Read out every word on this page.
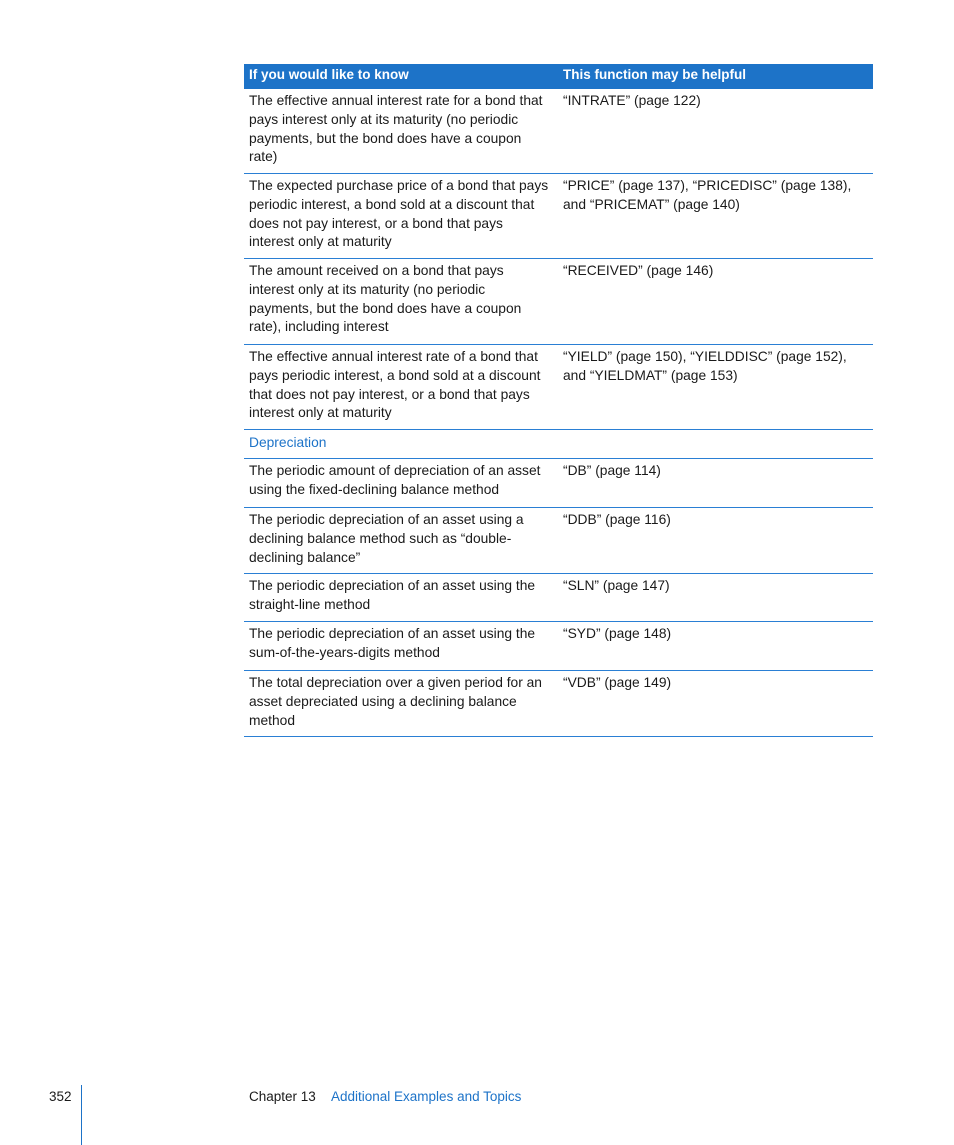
If you would like to know	This function may be helpful
The effective annual interest rate for a bond that pays interest only at its maturity (no periodic payments, but the bond does have a coupon rate)
“INTRATE” (page 122)
The expected purchase price of a bond that pays periodic interest, a bond sold at a discount that does not pay interest, or a bond that pays interest only at maturity
“PRICE” (page 137), “PRICEDISC” (page 138), and “PRICEMAT” (page 140)
The amount received on a bond that pays interest only at its maturity (no periodic payments, but the bond does have a coupon rate), including interest
“RECEIVED” (page 146)
The effective annual interest rate of a bond that pays periodic interest, a bond sold at a discount that does not pay interest, or a bond that pays interest only at maturity
“YIELD” (page 150), “YIELDDISC” (page 152), and “YIELDMAT” (page 153)
Depreciation
The periodic amount of depreciation of an asset using the fixed-declining balance method
“DB” (page 114)
The periodic depreciation of an asset using a declining balance method such as “double-declining balance”
“DDB” (page 116)
The periodic depreciation of an asset using the straight-line method
“SLN” (page 147)
The periodic depreciation of an asset using the sum-of-the-years-digits method
“SYD” (page 148)
The total depreciation over a given period for an asset depreciated using a declining balance method
“VDB” (page 149)
352	Chapter 13 Additional Examples and Topics
